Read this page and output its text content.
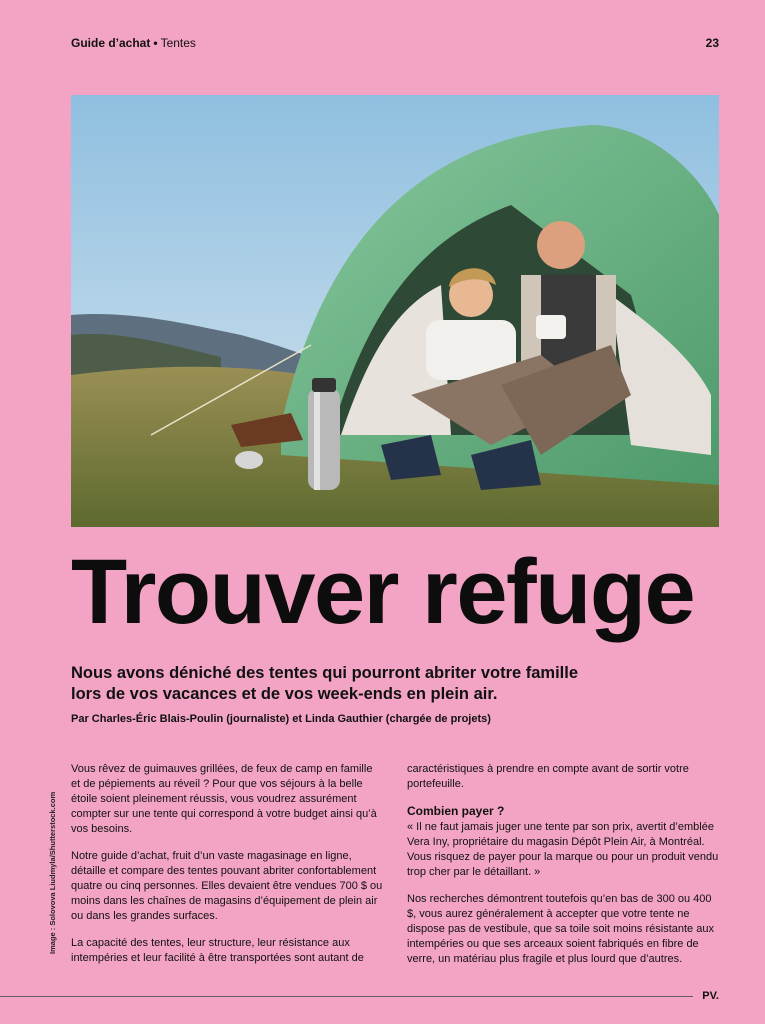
Guide d’achat • Tentes	23
Trouver refuge
Nous avons déniché des tentes qui pourront abriter votre famille
lors de vos vacances et de vos week-ends en plein air.
Par Charles-Éric Blais-Poulin (journaliste) et Linda Gauthier (chargée de projets)

Vous rêvez de guimauves grillées, de feux de camp en famille et de pépiements au réveil ? Pour que vos séjours à la belle étoile soient pleinement réussis, vous voudrez assurément compter sur une tente qui correspond à votre budget ainsi qu’à vos besoins.

Notre guide d’achat, fruit d’un vaste magasinage en ligne, détaille et compare des tentes pouvant abriter confortablement quatre ou cinq personnes. Elles devaient être vendues 700 $ ou moins dans les chaînes de magasins d’équipement de plein air ou dans les grandes surfaces.

La capacité des tentes, leur structure, leur résistance aux intempéries et leur facilité à être transportées sont autant de

caractéristiques à prendre en compte avant de sortir votre portefeuille.

Combien payer ?

« Il ne faut jamais juger une tente par son prix, avertit d’emblée Vera Iny, propriétaire du magasin Dépôt Plein Air, à Montréal. Vous risquez de payer pour la marque ou pour un produit vendu trop cher par le détaillant. »

Nos recherches démontrent toutefois qu’en bas de 300 ou 400 $, vous aurez généralement à accepter que votre tente ne dispose pas de vestibule, que sa toile soit moins résistante aux intempéries ou que ses arceaux soient fabriqués en fibre de verre, un matériau plus fragile et plus lourd que d’autres.

Image : Solovova Liudmyla/Shutterstock.com
PV.
